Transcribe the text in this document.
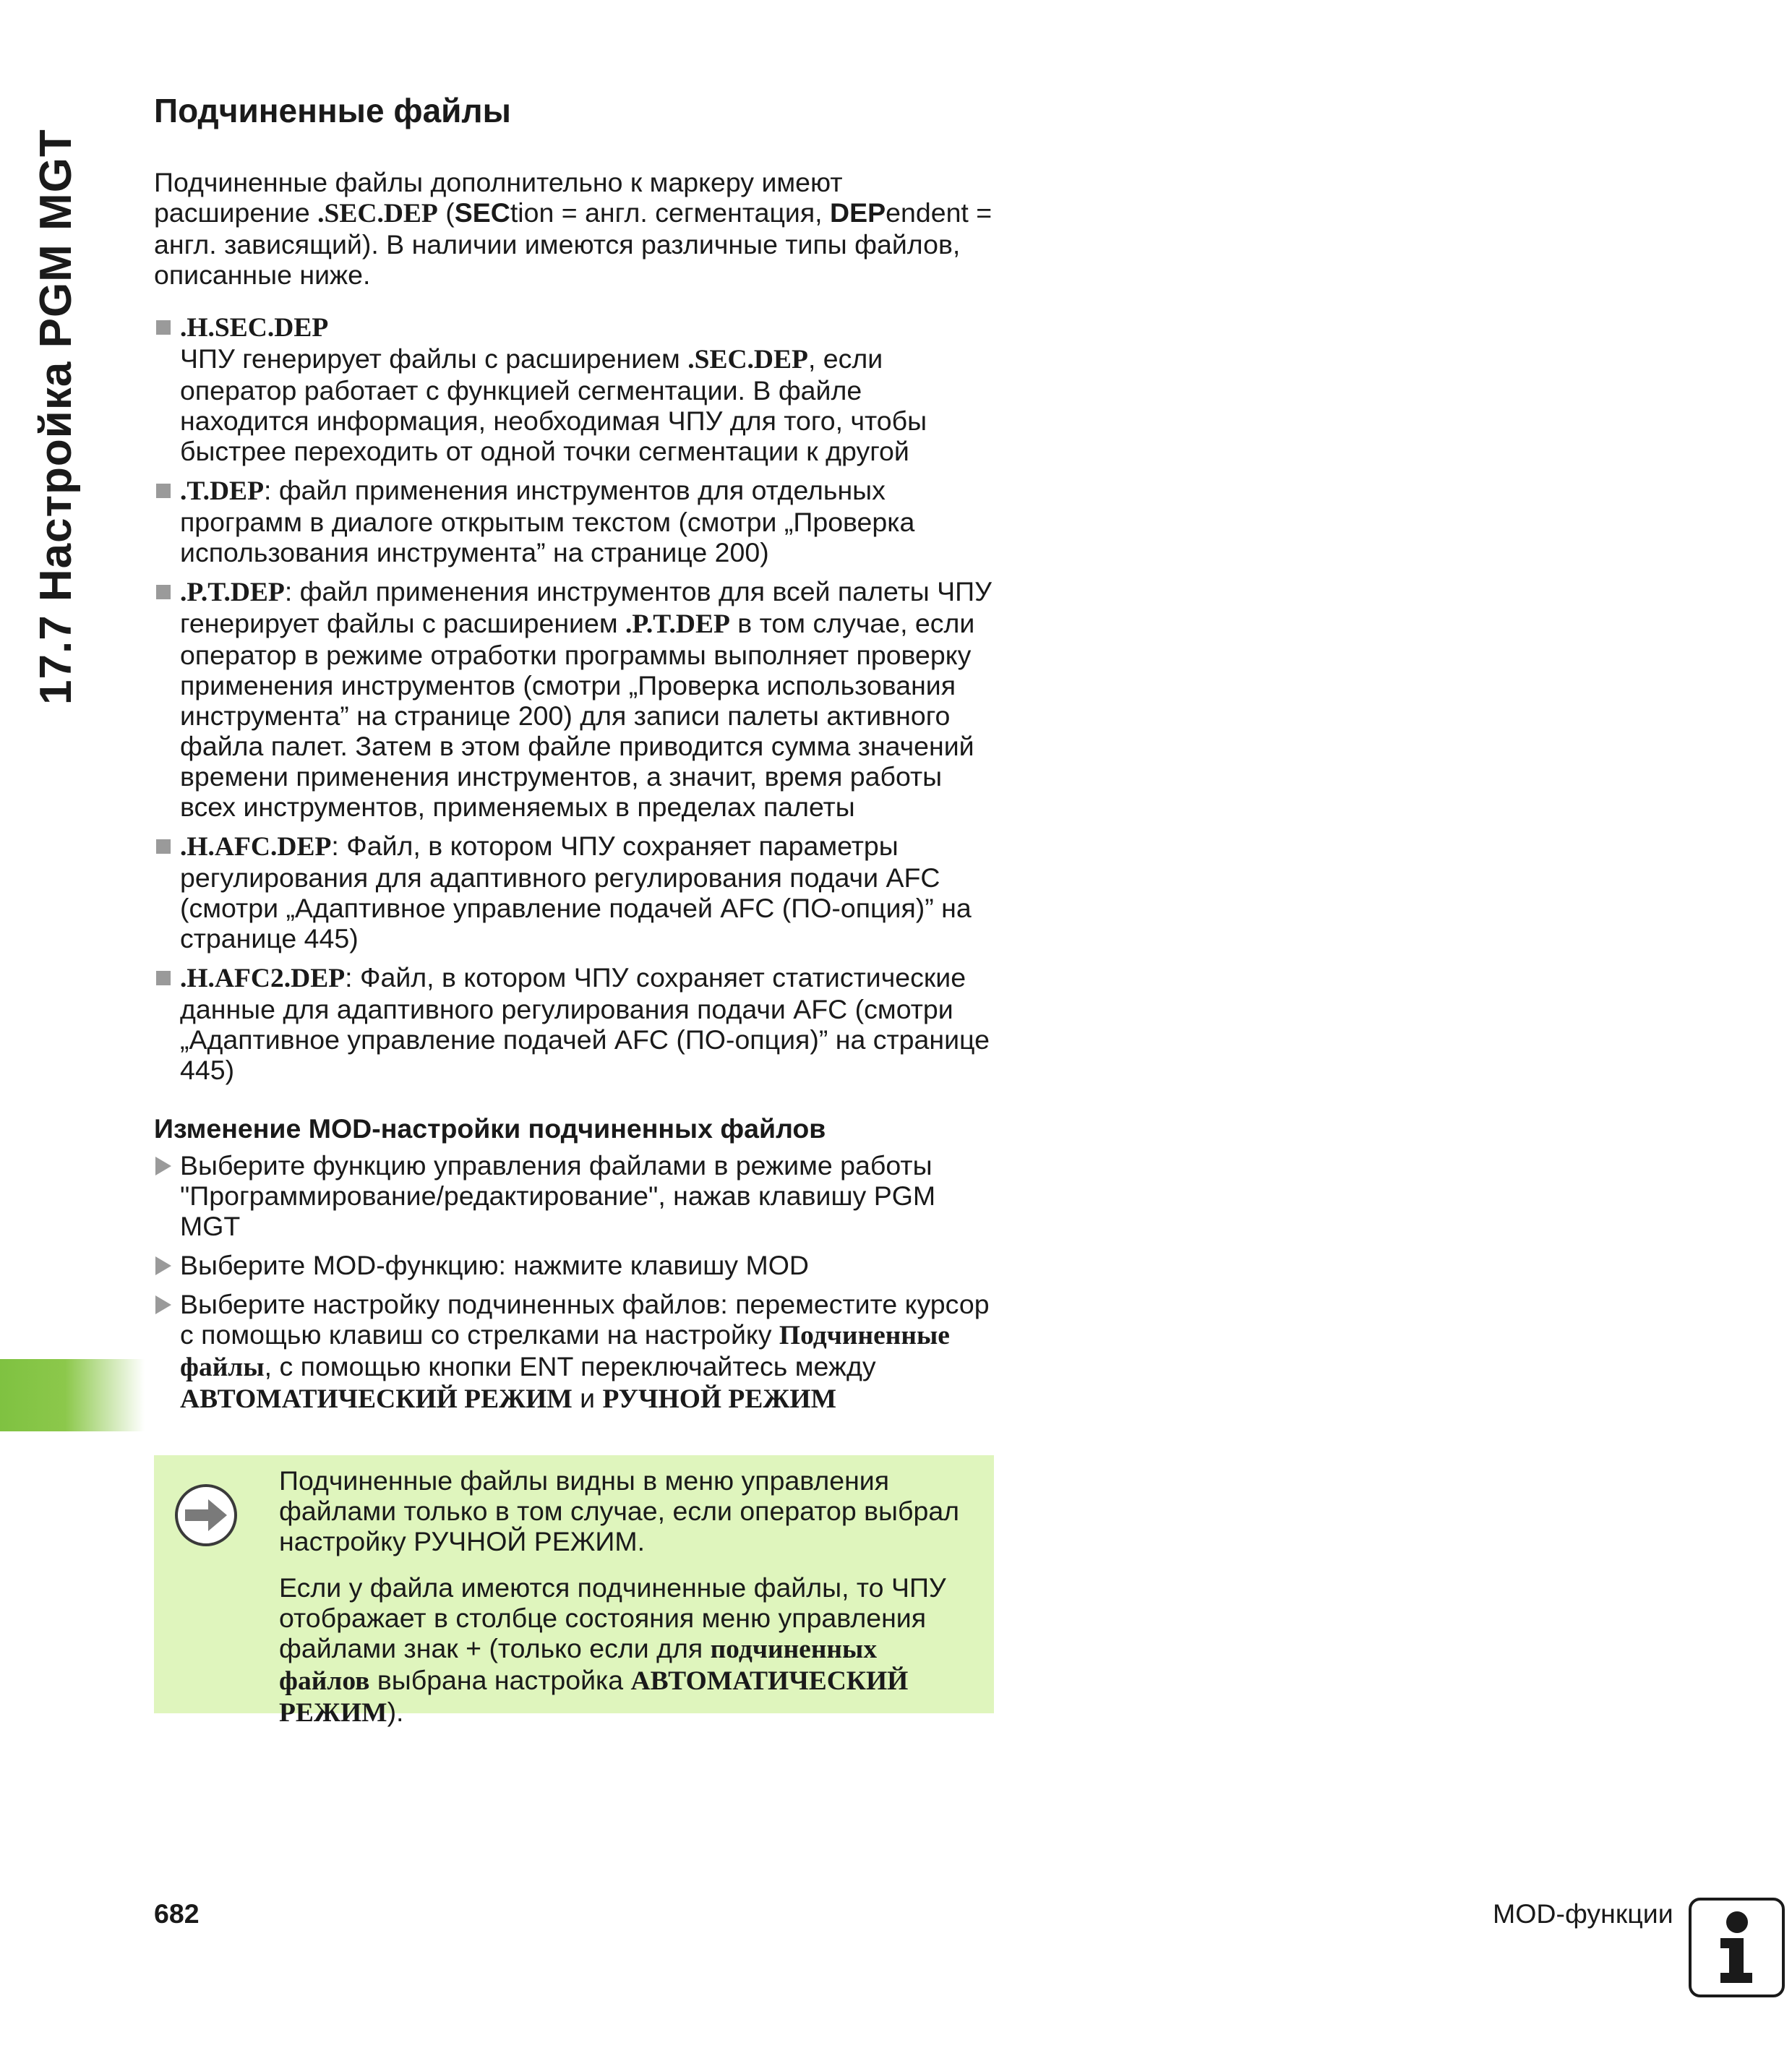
17.7 Настройка PGM MGT
Подчиненные файлы

Подчиненные файлы дополнительно к маркеру имеют расширение .SEC.DEP (SECtion = англ. сегментация, DEPendent = англ. зависящий). В наличии имеются различные типы файлов, описанные ниже.

.H.SEC.DEP
ЧПУ генерирует файлы с расширением .SEC.DEP, если оператор работает с функцией сегментации. В файле находится информация, необходимая ЧПУ для того, чтобы быстрее переходить от одной точки сегментации к другой
.T.DEP: файл применения инструментов для отдельных программ в диалоге открытым текстом (смотри „Проверка использования инструмента” на странице 200)
.P.T.DEP: файл применения инструментов для всей палеты ЧПУ генерирует файлы с расширением .P.T.DEP в том случае, если оператор в режиме отработки программы выполняет проверку применения инструментов (смотри „Проверка использования инструмента” на странице 200) для записи палеты активного файла палет. Затем в этом файле приводится сумма значений времени применения инструментов, а значит, время работы всех инструментов, применяемых в пределах палеты
.H.AFC.DEP: Файл, в котором ЧПУ сохраняет параметры регулирования для адаптивного регулирования подачи AFC (смотри „Адаптивное управление подачей AFC (ПО-опция)” на странице 445)
.H.AFC2.DEP: Файл, в котором ЧПУ сохраняет статистические данные для адаптивного регулирования подачи AFC (смотри „Адаптивное управление подачей AFC (ПО-опция)” на странице 445)
Изменение MOD-настройки подчиненных файлов
Выберите функцию управления файлами в режиме работы "Программирование/редактирование", нажав клавишу PGM MGT
Выберите MOD-функцию: нажмите клавишу MOD
Выберите настройку подчиненных файлов: переместите курсор с помощью клавиш со стрелками на настройку Подчиненные файлы, с помощью кнопки ENT переключайтесь между АВТОМАТИЧЕСКИЙ РЕЖИМ и РУЧНОЙ РЕЖИМ

Подчиненные файлы видны в меню управления файлами только в том случае, если оператор выбрал настройку РУЧНОЙ РЕЖИМ.

Если у файла имеются подчиненные файлы, то ЧПУ отображает в столбце состояния меню управления файлами знак + (только если для подчиненных файлов выбрана настройка АВТОМАТИЧЕСКИЙ РЕЖИМ).

682	MOD-функции
